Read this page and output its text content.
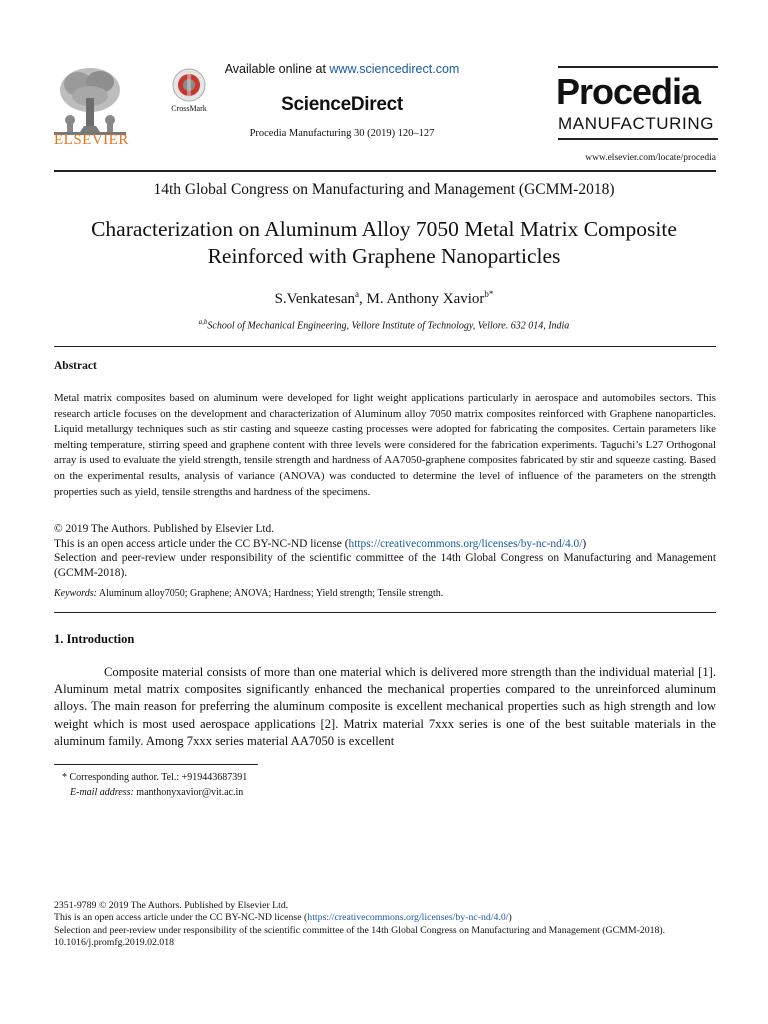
ELSEVIER
CrossMark
Available online at www.sciencedirect.com
ScienceDirect
Procedia Manufacturing 30 (2019) 120–127
Procedia
MANUFACTURING
www.elsevier.com/locate/procedia
14th Global Congress on Manufacturing and Management (GCMM-2018)
Characterization on Aluminum Alloy 7050 Metal Matrix Composite
Reinforced with Graphene Nanoparticles
S.Venkatesan$^a$, M. Anthony Xavior$^{b*}$
$^{a,b}$School of Mechanical Engineering, Vellore Institute of Technology, Vellore. 632 014, India
Abstract
Metal matrix composites based on aluminum were developed for light weight applications particularly in aerospace and automobiles sectors. This research article focuses on the development and characterization of Aluminum alloy 7050 matrix composites reinforced with Graphene nanoparticles. Liquid metallurgy techniques such as stir casting and squeeze casting processes were adopted for fabricating the composites. Certain parameters like melting temperature, stirring speed and graphene content with three levels were considered for the fabrication experiments. Taguchi’s L27 Orthogonal array is used to evaluate the yield strength, tensile strength and hardness of AA7050-graphene composites fabricated by stir and squeeze casting. Based on the experimental results, analysis of variance (ANOVA) was conducted to determine the level of influence of the parameters on the strength properties such as yield, tensile strengths and hardness of the specimens.
© 2019 The Authors. Published by Elsevier Ltd.
This is an open access article under the CC BY-NC-ND license (https://creativecommons.org/licenses/by-nc-nd/4.0/)
Selection and peer-review under responsibility of the scientific committee of the 14th Global Congress on Manufacturing and Management (GCMM-2018).
Keywords: Aluminum alloy7050; Graphene; ANOVA; Hardness; Yield strength; Tensile strength.
1. Introduction
Composite material consists of more than one material which is delivered more strength than the individual material [1]. Aluminum metal matrix composites significantly enhanced the mechanical properties compared to the unreinforced aluminum alloys. The main reason for preferring the aluminum composite is excellent mechanical properties such as high strength and low weight which is most used aerospace applications [2]. Matrix material 7xxx series is one of the best suitable materials in the aluminum family. Among 7xxx series material AA7050 is excellent
* Corresponding author. Tel.: +919443687391
E-mail address: manthonyxavior@vit.ac.in
2351-9789 © 2019 The Authors. Published by Elsevier Ltd.
This is an open access article under the CC BY-NC-ND license (https://creativecommons.org/licenses/by-nc-nd/4.0/)
Selection and peer-review under responsibility of the scientific committee of the 14th Global Congress on Manufacturing and Management (GCMM-2018).
10.1016/j.promfg.2019.02.018
